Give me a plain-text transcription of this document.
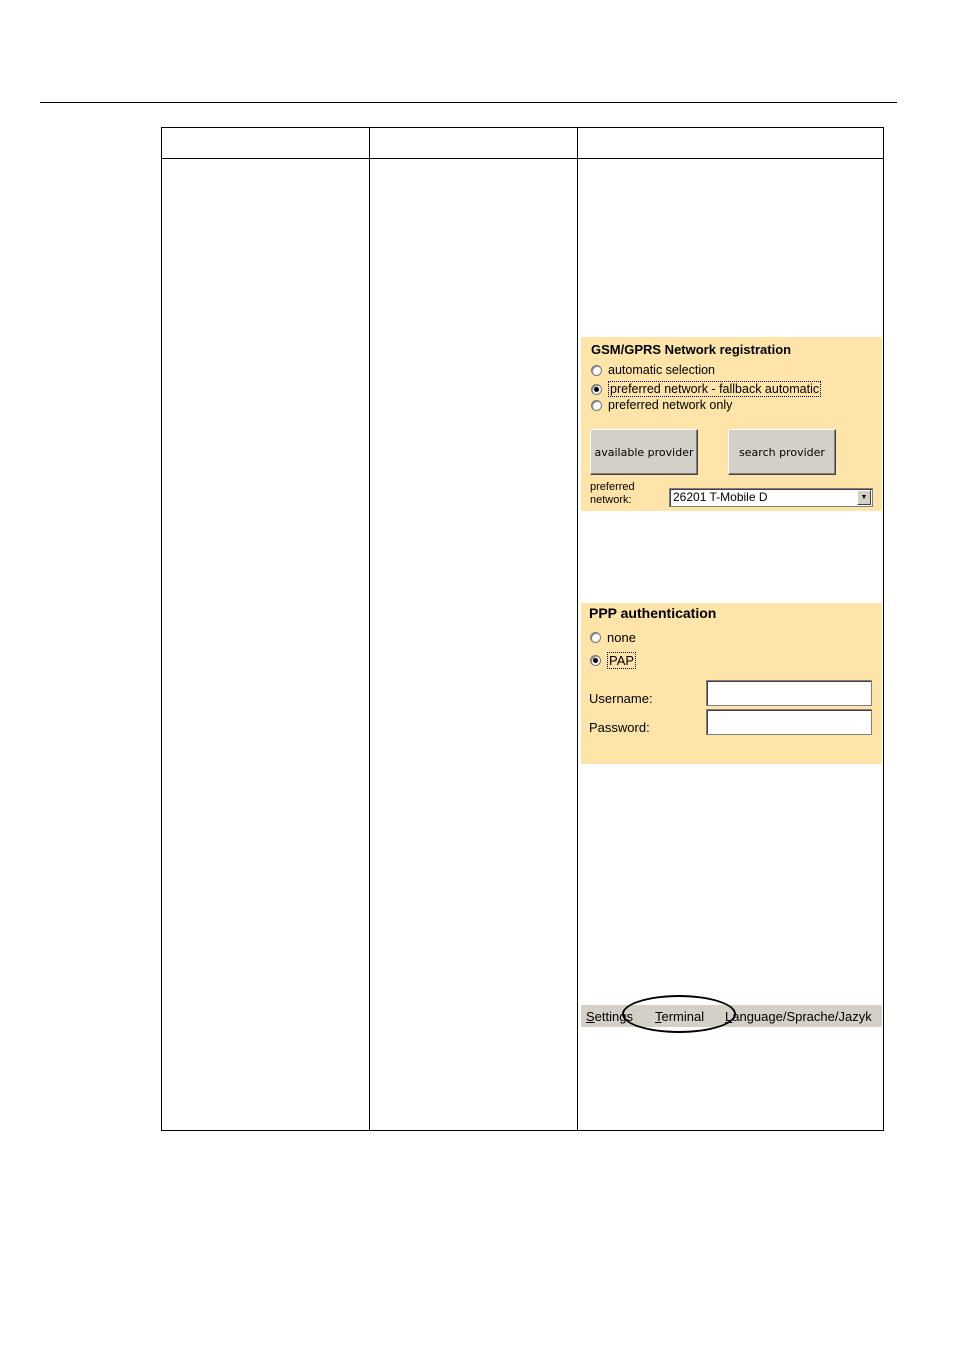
GSM/GPRS Network registration
automatic selection
preferred network - fallback automatic
preferred network only
available provider	search provider
preferred
network:	26201 T-Mobile D	▼
PPP authentication
none
PAP
Username:
Password:
Settings Terminal Language/Sprache/Jazyk
